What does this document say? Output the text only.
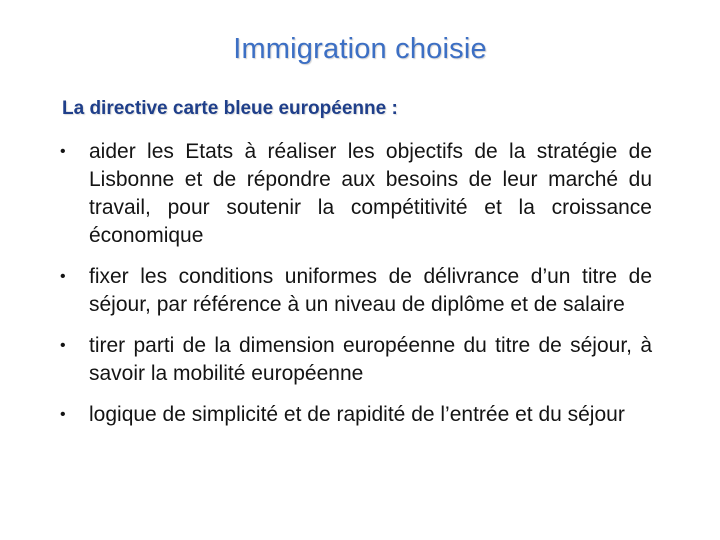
Immigration choisie
La directive carte bleue européenne :
• aider les Etats à réaliser les objectifs de la stratégie de Lisbonne et de répondre aux besoins de leur marché du travail, pour soutenir la compétitivité et la croissance économique
• fixer les conditions uniformes de délivrance d’un titre de séjour, par référence à un niveau de diplôme et de salaire
• tirer parti de la dimension européenne du titre de séjour, à savoir la mobilité européenne
• logique de simplicité et de rapidité de l’entrée et du séjour
